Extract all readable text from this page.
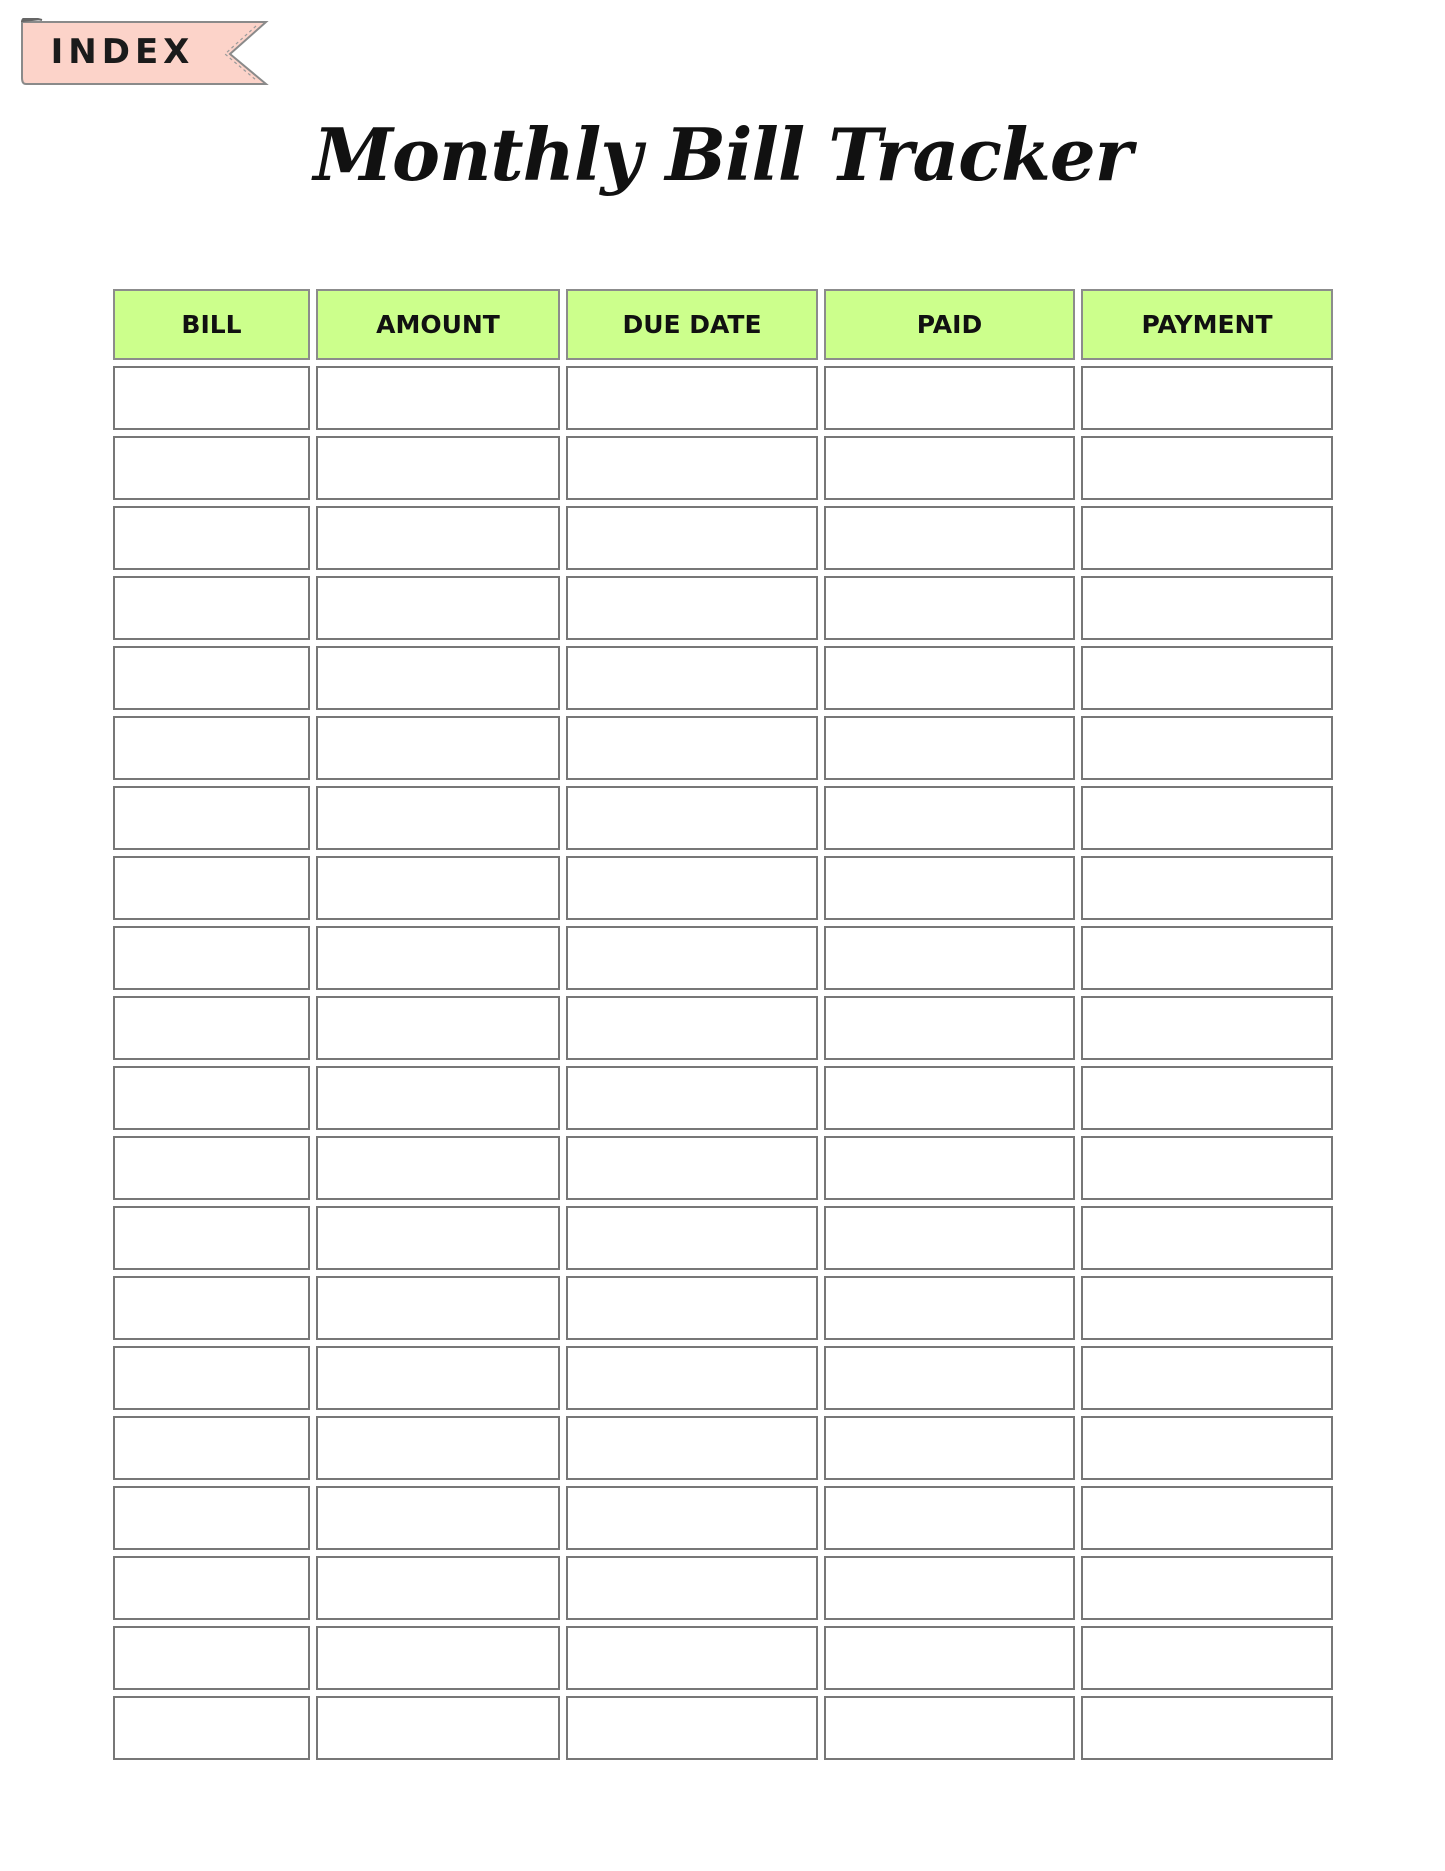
INDEX
Monthly Bill Tracker
BILL	AMOUNT	DUE DATE	PAID	PAYMENT
